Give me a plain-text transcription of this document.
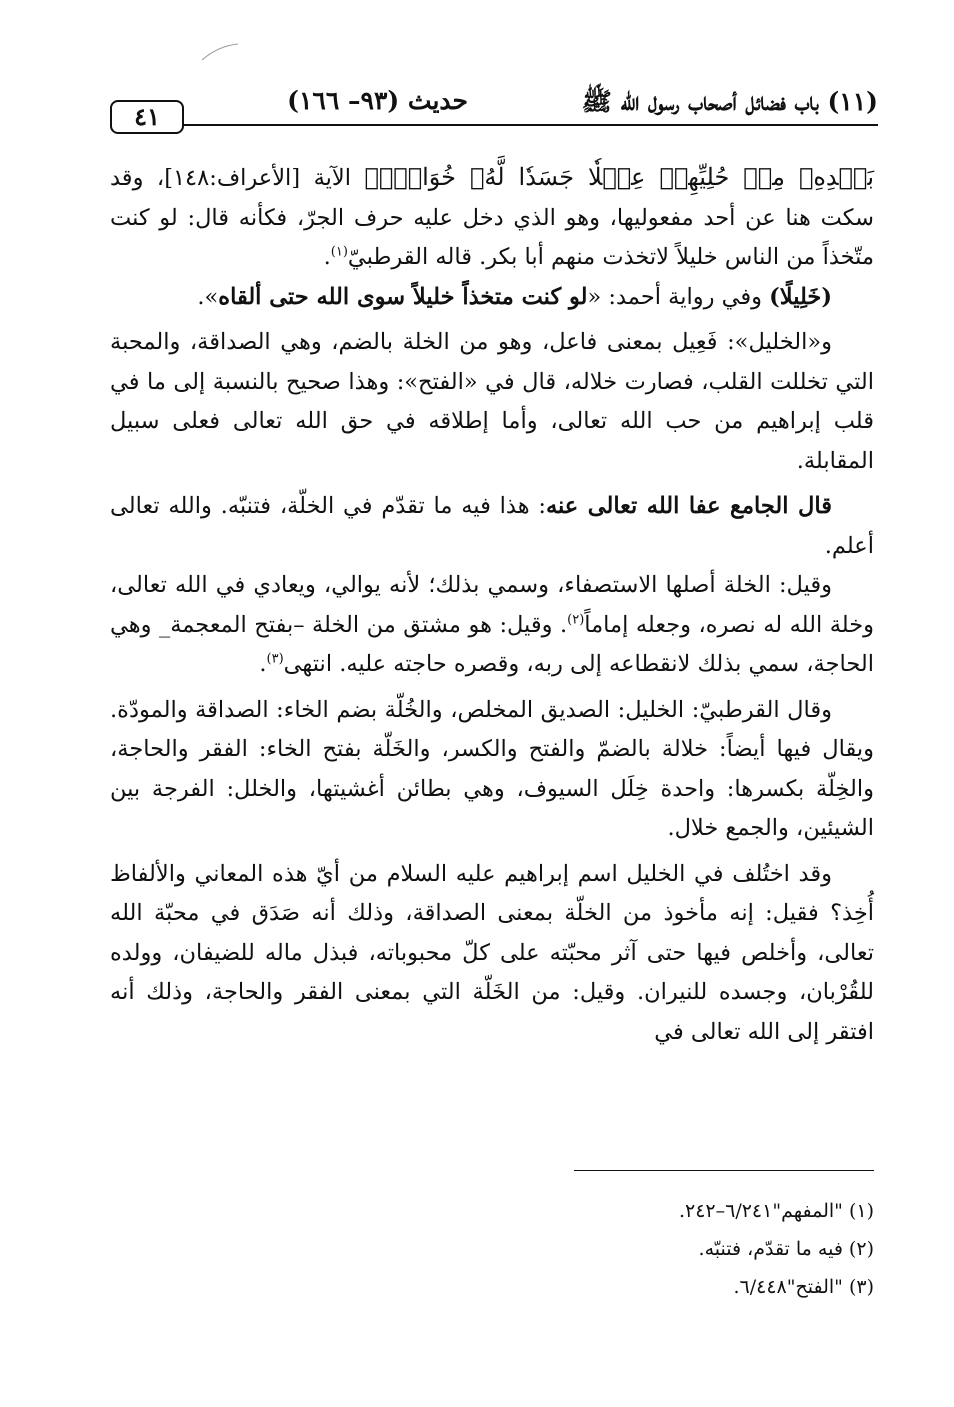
(١١) باب فضائل أصحاب رسول الله ﷺ
حديث (٩٣– ١٦٦)
٤١

بَعۡدِهِۦ مِنۡ حُلِيِّهِمۡ عِجۡلٗا جَسَدٗا لَّهُۥ خُوَارٌۚ﴾ الآية [الأعراف:١٤٨]، وقد سكت هنا عن أحد مفعوليها، وهو الذي دخل عليه حرف الجرّ، فكأنه قال: لو كنت متّخذاً من الناس خليلاً لاتخذت منهم أبا بكر. قاله القرطبيّ$^{(١)}$.

(خَلِيلًا) وفي رواية أحمد: «لو كنت متخذاً خليلاً سوى الله حتى ألقاه».

و«الخليل»: فَعِيل بمعنى فاعل، وهو من الخلة بالضم، وهي الصداقة، والمحبة التي تخللت القلب، فصارت خلاله، قال في «الفتح»: وهذا صحيح بالنسبة إلى ما في قلب إبراهيم من حب الله تعالى، وأما إطلاقه في حق الله تعالى فعلى سبيل المقابلة.

قال الجامع عفا الله تعالى عنه: هذا فيه ما تقدّم في الخلّة، فتنبّه. والله تعالى أعلم.

وقيل: الخلة أصلها الاستصفاء، وسمي بذلك؛ لأنه يوالي، ويعادي في الله تعالى، وخلة الله له نصره، وجعله إماماً$^{(٢)}$. وقيل: هو مشتق من الخلة –بفتح المعجمة_ وهي الحاجة، سمي بذلك لانقطاعه إلى ربه، وقصره حاجته عليه. انتهى$^{(٣)}$.

وقال القرطبيّ: الخليل: الصديق المخلص، والخُلّة بضم الخاء: الصداقة والمودّة. ويقال فيها أيضاً: خلالة بالضمّ والفتح والكسر، والخَلّة بفتح الخاء: الفقر والحاجة، والخِلّة بكسرها: واحدة خِلَل السيوف، وهي بطائن أغشيتها، والخلل: الفرجة بين الشيئين، والجمع خلال.

وقد اختُلف في الخليل اسم إبراهيم عليه السلام من أيّ هذه المعاني والألفاظ أُخِذ؟ فقيل: إنه مأخوذ من الخلّة بمعنى الصداقة، وذلك أنه صَدَق في محبّة الله تعالى، وأخلص فيها حتى آثر محبّته على كلّ محبوباته، فبذل ماله للضيفان، وولده للقُرْبان، وجسده للنيران. وقيل: من الخَلّة التي بمعنى الفقر والحاجة، وذلك أنه افتقر إلى الله تعالى في

(١) "المفهم"٦/٢٤١–٢٤٢.
(٢) فيه ما تقدّم، فتنبّه.
(٣) "الفتح"٦/٤٤٨.
